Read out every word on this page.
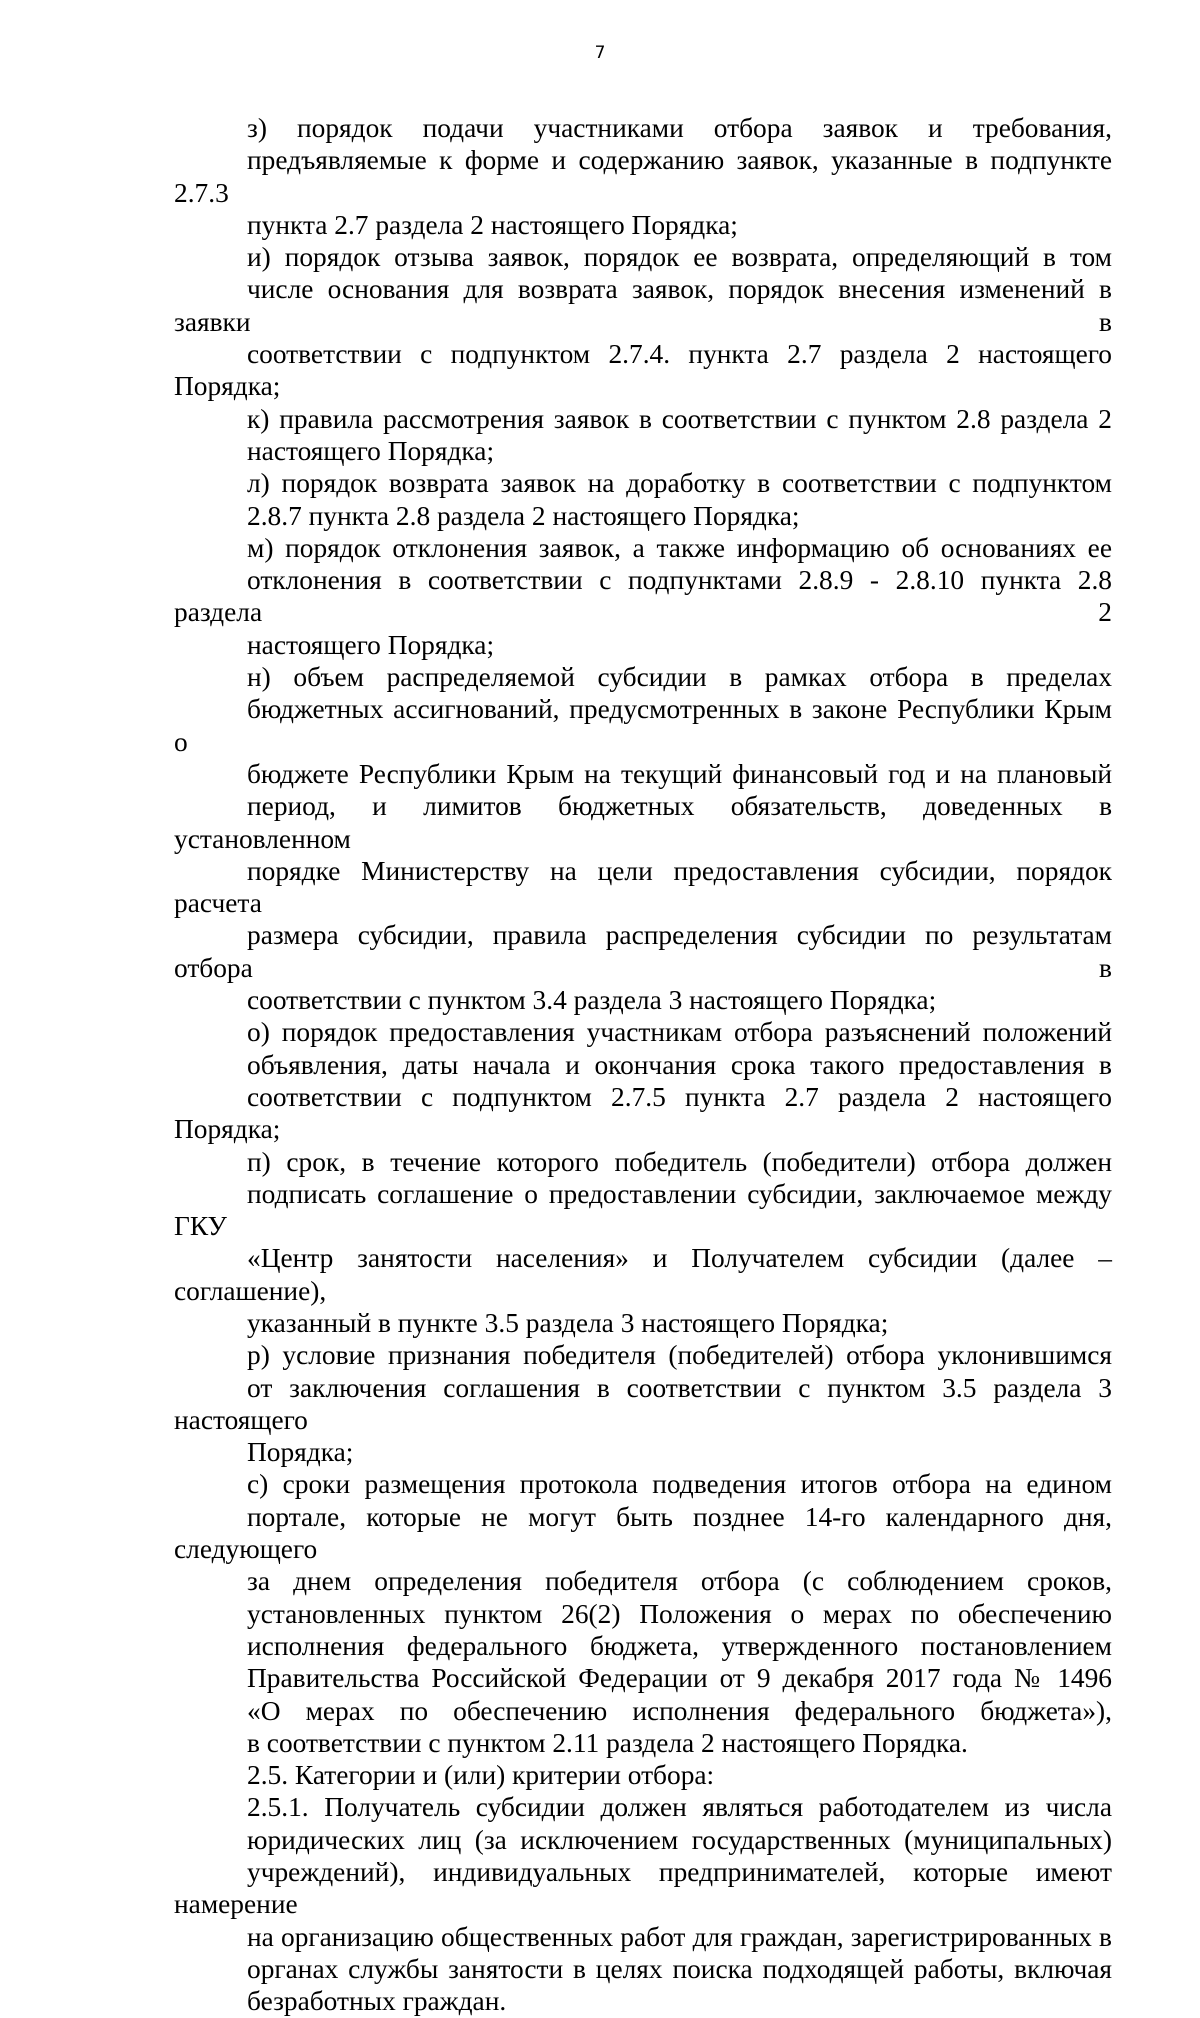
7

з) порядок подачи участниками отбора заявок и требования,
предъявляемые к форме и содержанию заявок, указанные в подпункте 2.7.3
пункта 2.7 раздела 2 настоящего Порядка;

и) порядок отзыва заявок, порядок ее возврата, определяющий в том
числе основания для возврата заявок, порядок внесения изменений в заявки в
соответствии с подпунктом 2.7.4. пункта 2.7 раздела 2 настоящего Порядка;

к) правила рассмотрения заявок в соответствии с пунктом 2.8 раздела 2
настоящего Порядка;

л) порядок возврата заявок на доработку в соответствии с подпунктом
2.8.7 пункта 2.8 раздела 2 настоящего Порядка;

м) порядок отклонения заявок, а также информацию об основаниях ее
отклонения в соответствии с подпунктами 2.8.9 - 2.8.10 пункта 2.8 раздела 2
настоящего Порядка;

н) объем распределяемой субсидии в рамках отбора в пределах
бюджетных ассигнований, предусмотренных в законе Республики Крым о
бюджете Республики Крым на текущий финансовый год и на плановый
период, и лимитов бюджетных обязательств, доведенных в установленном
порядке Министерству на цели предоставления субсидии, порядок расчета
размера субсидии, правила распределения субсидии по результатам отбора в
соответствии с пунктом 3.4 раздела 3 настоящего Порядка;

о) порядок предоставления участникам отбора разъяснений положений
объявления, даты начала и окончания срока такого предоставления в
соответствии с подпунктом 2.7.5 пункта 2.7 раздела 2 настоящего Порядка;

п) срок, в течение которого победитель (победители) отбора должен
подписать соглашение о предоставлении субсидии, заключаемое между ГКУ
«Центр занятости населения» и Получателем субсидии (далее – соглашение),
указанный в пункте 3.5 раздела 3 настоящего Порядка;

р) условие признания победителя (победителей) отбора уклонившимся
от заключения соглашения в соответствии с пунктом 3.5 раздела 3 настоящего
Порядка;

с) сроки размещения протокола подведения итогов отбора на едином
портале, которые не могут быть позднее 14-го календарного дня, следующего
за днем определения победителя отбора (с соблюдением сроков,
установленных пунктом 26(2) Положения о мерах по обеспечению
исполнения федерального бюджета, утвержденного постановлением
Правительства Российской Федерации от 9 декабря 2017 года № 1496
«О мерах по обеспечению исполнения федерального бюджета»),
в соответствии с пунктом 2.11 раздела 2 настоящего Порядка.

2.5. Категории и (или) критерии отбора:

2.5.1. Получатель субсидии должен являться работодателем из числа
юридических лиц (за исключением государственных (муниципальных)
учреждений), индивидуальных предпринимателей, которые имеют намерение
на организацию общественных работ для граждан, зарегистрированных в
органах службы занятости в целях поиска подходящей работы, включая
безработных граждан.
